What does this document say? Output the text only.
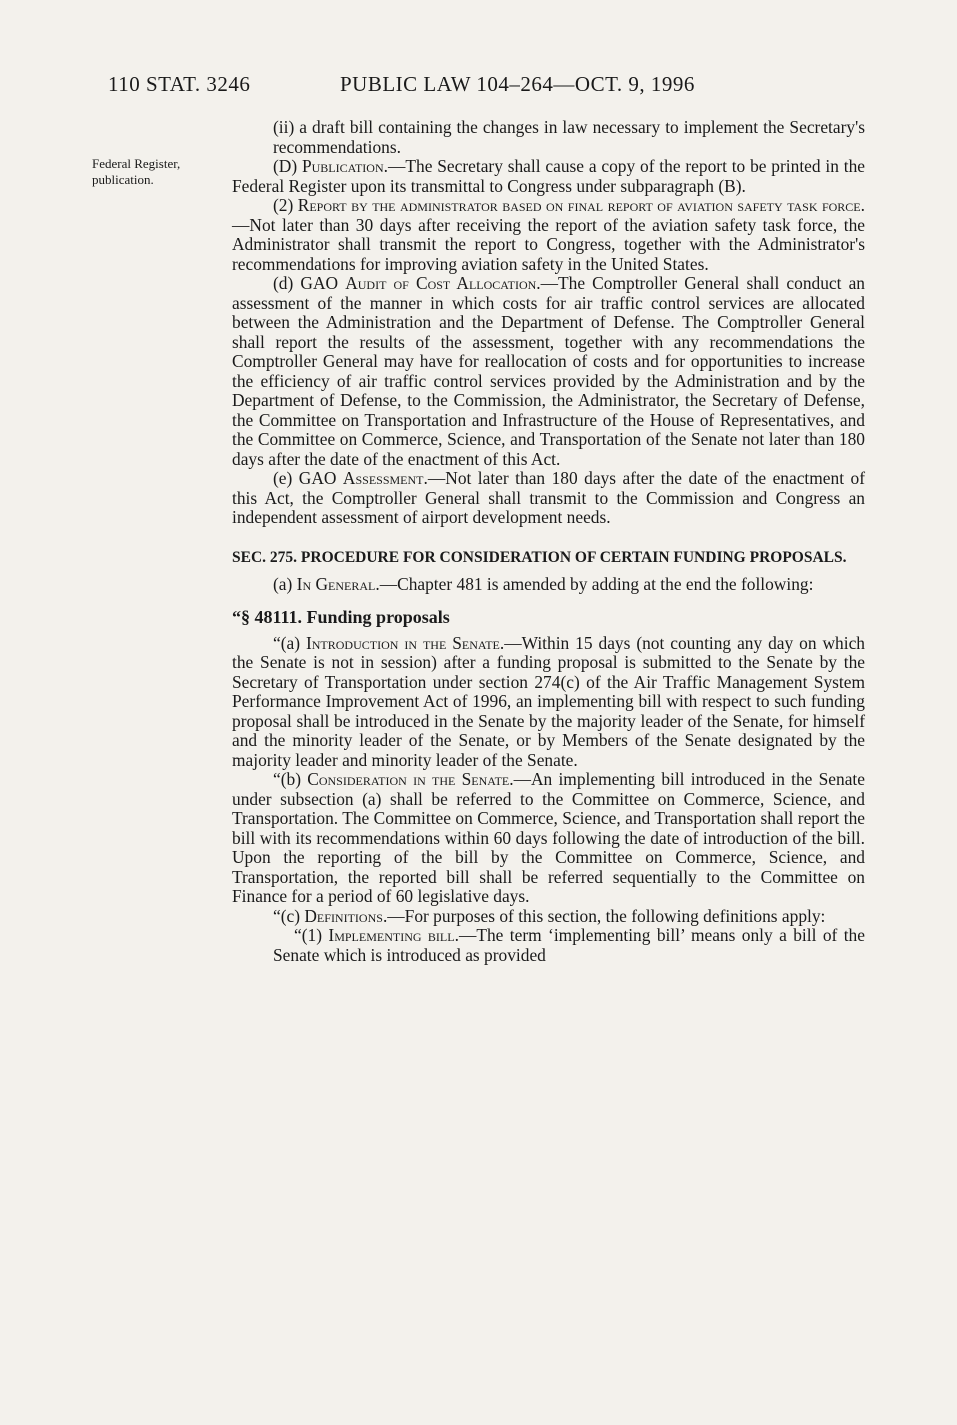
110 STAT. 3246	PUBLIC LAW 104–264—OCT. 9, 1996
Federal Register,
publication.

(ii) a draft bill containing the changes in law necessary to implement the Secretary's recommendations.

(D) Publication.—The Secretary shall cause a copy of the report to be printed in the Federal Register upon its transmittal to Congress under subparagraph (B).

(2) Report by the administrator based on final report of aviation safety task force.—Not later than 30 days after receiving the report of the aviation safety task force, the Administrator shall transmit the report to Congress, together with the Administrator's recommendations for improving aviation safety in the United States.

(d) GAO Audit of Cost Allocation.—The Comptroller General shall conduct an assessment of the manner in which costs for air traffic control services are allocated between the Administration and the Department of Defense. The Comptroller General shall report the results of the assessment, together with any recommendations the Comptroller General may have for reallocation of costs and for opportunities to increase the efficiency of air traffic control services provided by the Administration and by the Department of Defense, to the Commission, the Administrator, the Secretary of Defense, the Committee on Transportation and Infrastructure of the House of Representatives, and the Committee on Commerce, Science, and Transportation of the Senate not later than 180 days after the date of the enactment of this Act.

(e) GAO Assessment.—Not later than 180 days after the date of the enactment of this Act, the Comptroller General shall transmit to the Commission and Congress an independent assessment of airport development needs.

SEC. 275. PROCEDURE FOR CONSIDERATION OF CERTAIN FUNDING PROPOSALS.

(a) In General.—Chapter 481 is amended by adding at the end the following:

“§ 48111. Funding proposals

“(a) Introduction in the Senate.—Within 15 days (not counting any day on which the Senate is not in session) after a funding proposal is submitted to the Senate by the Secretary of Transportation under section 274(c) of the Air Traffic Management System Performance Improvement Act of 1996, an implementing bill with respect to such funding proposal shall be introduced in the Senate by the majority leader of the Senate, for himself and the minority leader of the Senate, or by Members of the Senate designated by the majority leader and minority leader of the Senate.

“(b) Consideration in the Senate.—An implementing bill introduced in the Senate under subsection (a) shall be referred to the Committee on Commerce, Science, and Transportation. The Committee on Commerce, Science, and Transportation shall report the bill with its recommendations within 60 days following the date of introduction of the bill. Upon the reporting of the bill by the Committee on Commerce, Science, and Transportation, the reported bill shall be referred sequentially to the Committee on Finance for a period of 60 legislative days.

“(c) Definitions.—For purposes of this section, the following definitions apply:

“(1) Implementing bill.—The term ‘implementing bill’ means only a bill of the Senate which is introduced as provided
